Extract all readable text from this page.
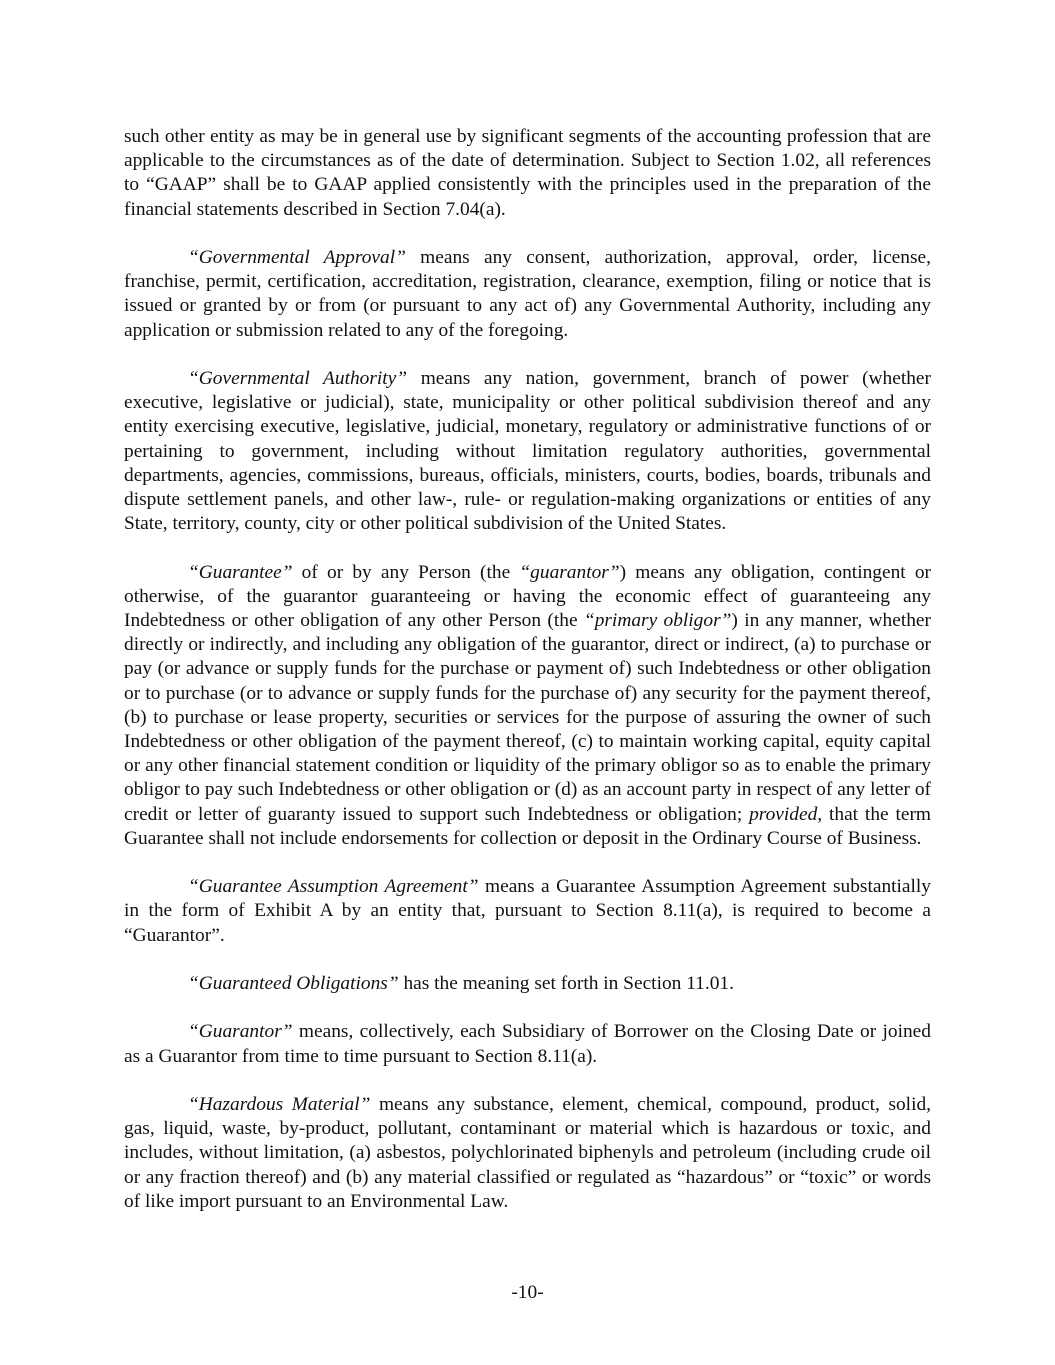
such other entity as may be in general use by significant segments of the accounting profession that are applicable to the circumstances as of the date of determination. Subject to Section 1.02, all references to “GAAP” shall be to GAAP applied consistently with the principles used in the preparation of the financial statements described in Section 7.04(a).

“Governmental Approval” means any consent, authorization, approval, order, license, franchise, permit, certification, accreditation, registration, clearance, exemption, filing or notice that is issued or granted by or from (or pursuant to any act of) any Governmental Authority, including any application or submission related to any of the foregoing.

“Governmental Authority” means any nation, government, branch of power (whether executive, legislative or judicial), state, municipality or other political subdivision thereof and any entity exercising executive, legislative, judicial, monetary, regulatory or administrative functions of or pertaining to government, including without limitation regulatory authorities, governmental departments, agencies, commissions, bureaus, officials, ministers, courts, bodies, boards, tribunals and dispute settlement panels, and other law-, rule- or regulation-making organizations or entities of any State, territory, county, city or other political subdivision of the United States.

“Guarantee” of or by any Person (the “guarantor”) means any obligation, contingent or otherwise, of the guarantor guaranteeing or having the economic effect of guaranteeing any Indebtedness or other obligation of any other Person (the “primary obligor”) in any manner, whether directly or indirectly, and including any obligation of the guarantor, direct or indirect, (a) to purchase or pay (or advance or supply funds for the purchase or payment of) such Indebtedness or other obligation or to purchase (or to advance or supply funds for the purchase of) any security for the payment thereof, (b) to purchase or lease property, securities or services for the purpose of assuring the owner of such Indebtedness or other obligation of the payment thereof, (c) to maintain working capital, equity capital or any other financial statement condition or liquidity of the primary obligor so as to enable the primary obligor to pay such Indebtedness or other obligation or (d) as an account party in respect of any letter of credit or letter of guaranty issued to support such Indebtedness or obligation; provided, that the term Guarantee shall not include endorsements for collection or deposit in the Ordinary Course of Business.

“Guarantee Assumption Agreement” means a Guarantee Assumption Agreement substantially in the form of Exhibit A by an entity that, pursuant to Section 8.11(a), is required to become a “Guarantor”.

“Guaranteed Obligations” has the meaning set forth in Section 11.01.

“Guarantor” means, collectively, each Subsidiary of Borrower on the Closing Date or joined as a Guarantor from time to time pursuant to Section 8.11(a).

“Hazardous Material” means any substance, element, chemical, compound, product, solid, gas, liquid, waste, by-product, pollutant, contaminant or material which is hazardous or toxic, and includes, without limitation, (a) asbestos, polychlorinated biphenyls and petroleum (including crude oil or any fraction thereof) and (b) any material classified or regulated as “hazardous” or “toxic” or words of like import pursuant to an Environmental Law.

-10-
